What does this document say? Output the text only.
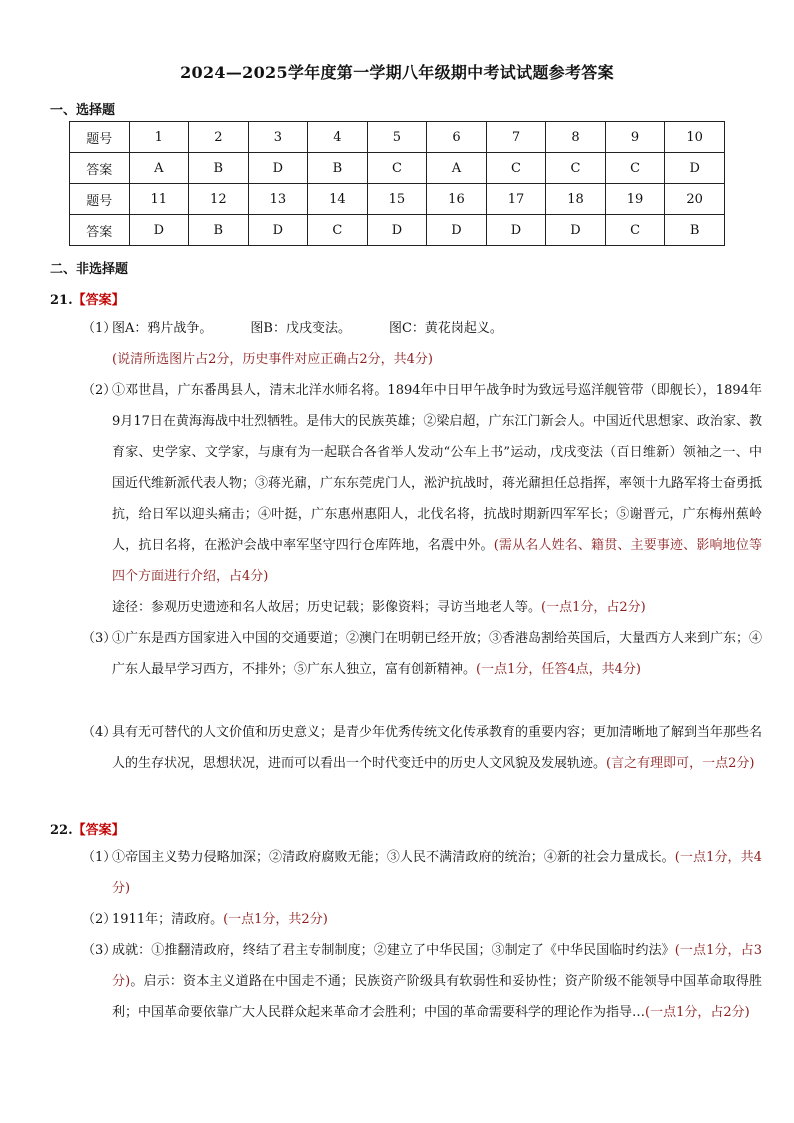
2024—2025学年度第一学期八年级期中考试试题参考答案
一、选择题
题号	1	2	3	4	5	6	7	8	9	10
答案	A	B	D	B	C	A	C	C	C	D
题号	11	12	13	14	15	16	17	18	19	20
答案	D	B	D	C	D	D	D	D	C	B
二、非选择题
21.【答案】
（1）图A：鸦片战争。	图B：戊戌变法。	图C：黄花岗起义。
(说清所选图片占2分，历史事件对应正确占2分，共4分)
（2）
①邓世昌，广东番禺县人，清末北洋水师名将。1894年中日甲午战争时为致远号巡洋舰管带（即舰长），1894年9月17日在黄海海战中壮烈牺牲。是伟大的民族英雄；②梁启超，广东江门新会人。中国近代思想家、政治家、教育家、史学家、文学家，与康有为一起联合各省举人发动“公车上书”运动，戊戌变法（百日维新）领袖之一、中国近代维新派代表人物；③蒋光鼐，广东东莞虎门人，淞沪抗战时，蒋光鼐担任总指挥，率领十九路军将士奋勇抵抗，给日军以迎头痛击；④叶挺，广东惠州惠阳人，北伐名将，抗战时期新四军军长；⑤谢晋元，广东梅州蕉岭人，抗日名将，在淞沪会战中率军坚守四行仓库阵地，名震中外。(需从名人姓名、籍贯、主要事迹、影响地位等四个方面进行介绍，占4分)
途径：参观历史遗迹和名人故居；历史记载；影像资料；寻访当地老人等。(一点1分，占2分)
（3）
①广东是西方国家进入中国的交通要道；②澳门在明朝已经开放；③香港岛割给英国后，大量西方人来到广东；④广东人最早学习西方，不排外；⑤广东人独立，富有创新精神。(一点1分，任答4点，共4分)
（4）
具有无可替代的人文价值和历史意义；是青少年优秀传统文化传承教育的重要内容；更加清晰地了解到当年那些名人的生存状况，思想状况，进而可以看出一个时代变迁中的历史人文风貌及发展轨迹。(言之有理即可，一点2分)
22.【答案】
（1）
①帝国主义势力侵略加深；②清政府腐败无能；③人民不满清政府的统治；④新的社会力量成长。(一点1分，共4分)
（2）1911年；清政府。(一点1分，共2分)
（3）
成就：①推翻清政府，终结了君主专制制度；②建立了中华民国；③制定了《中华民国临时约法》(一点1分，占3分)。启示：资本主义道路在中国走不通；民族资产阶级具有软弱性和妥协性；资产阶级不能领导中国革命取得胜利；中国革命要依靠广大人民群众起来革命才会胜利；中国的革命需要科学的理论作为指导…(一点1分，占2分)
